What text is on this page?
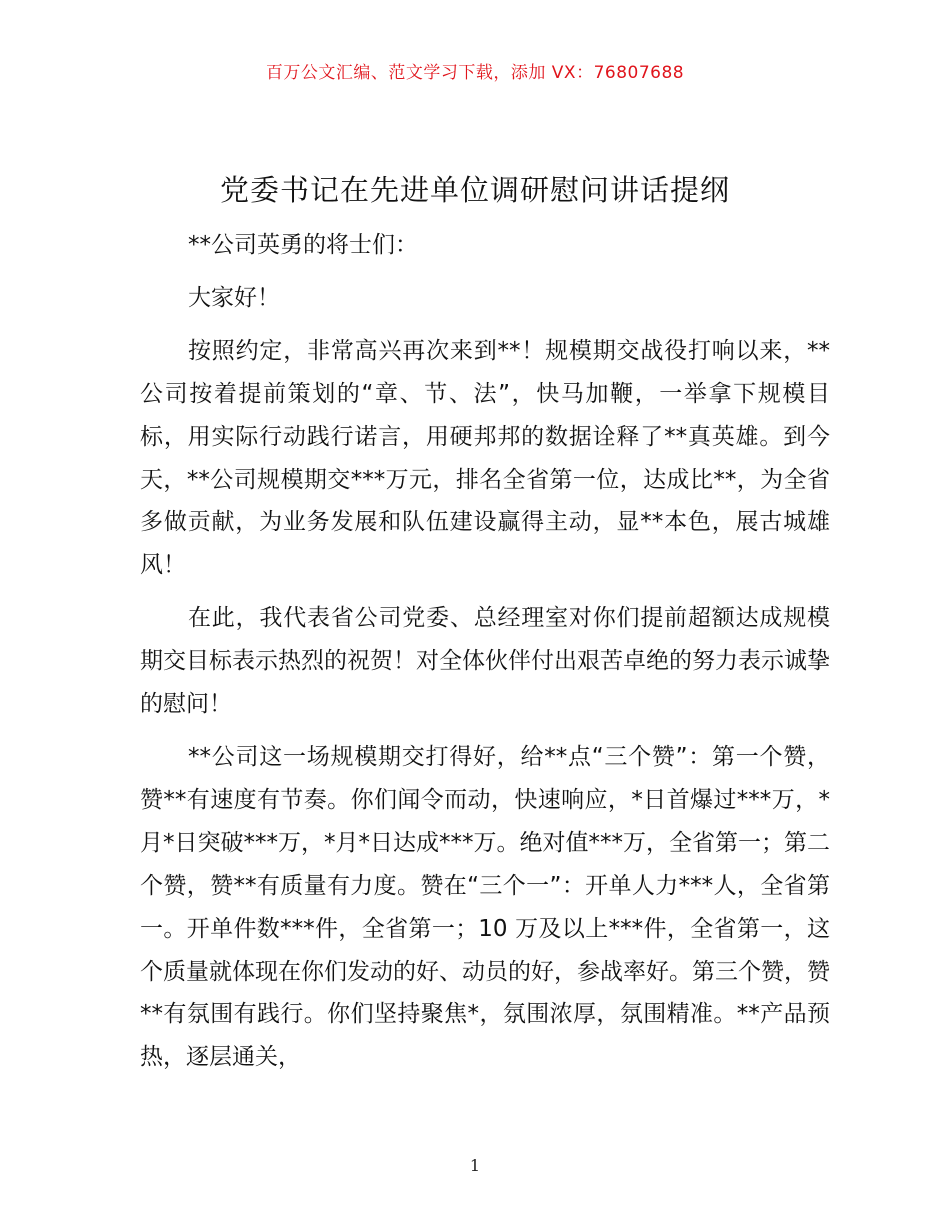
百万公文汇编、范文学习下载，添加 VX：76807688
党委书记在先进单位调研慰问讲话提纲

**公司英勇的将士们：

大家好！

按照约定，非常高兴再次来到**！规模期交战役打响以来，**公司按着提前策划的“章、节、法”，快马加鞭，一举拿下规模目标，用实际行动践行诺言，用硬邦邦的数据诠释了**真英雄。到今天，**公司规模期交***万元，排名全省第一位，达成比**，为全省多做贡献，为业务发展和队伍建设赢得主动，显**本色，展古城雄风！

在此，我代表省公司党委、总经理室对你们提前超额达成规模期交目标表示热烈的祝贺！对全体伙伴付出艰苦卓绝的努力表示诚挚的慰问！

**公司这一场规模期交打得好，给**点“三个赞”：第一个赞，赞**有速度有节奏。你们闻令而动，快速响应，*日首爆过***万，*月*日突破***万，*月*日达成***万。绝对值***万，全省第一；第二个赞，赞**有质量有力度。赞在“三个一”：开单人力***人，全省第一。开单件数***件，全省第一；10 万及以上***件，全省第一，这个质量就体现在你们发动的好、动员的好，参战率好。第三个赞，赞**有氛围有践行。你们坚持聚焦*，氛围浓厚，氛围精准。**产品预热，逐层通关，

1
